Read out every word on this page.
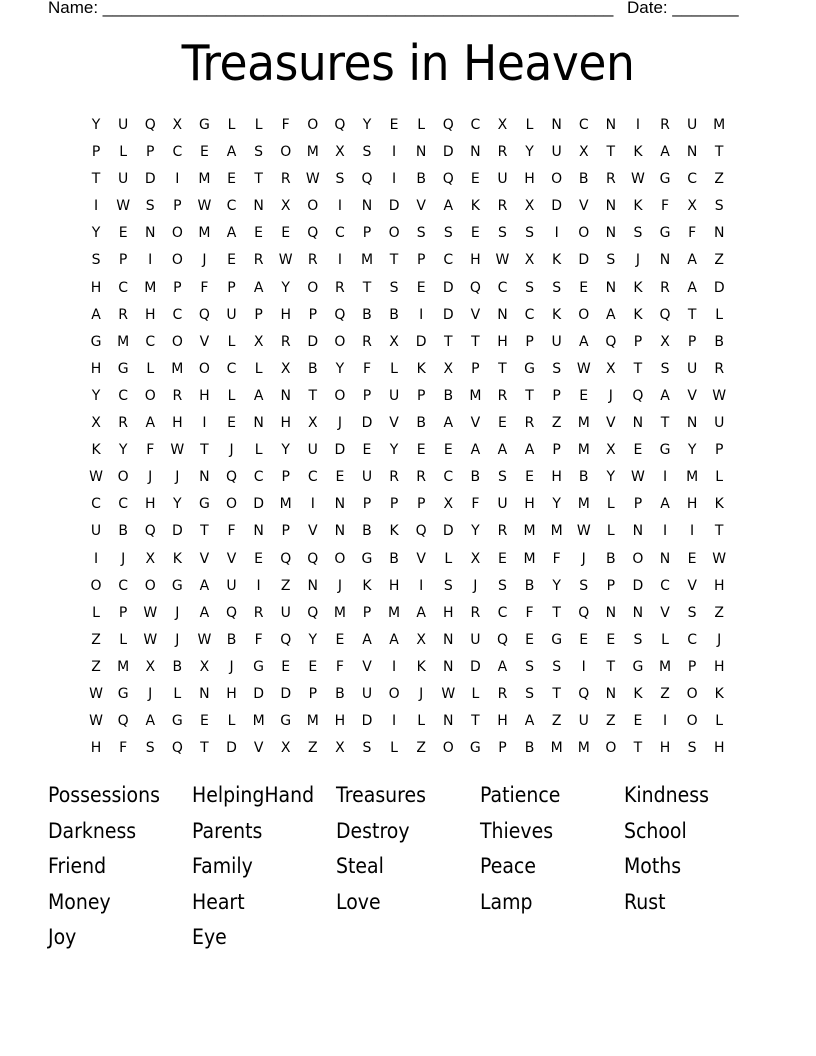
Name: ______________________________________________________ Date: _______
Treasures in Heaven
Y	U	Q	X	G	L	L	F	O	Q	Y	E	L	Q	C	X	L	N	C	N	I	R	U	M
P	L	P	C	E	A	S	O	M	X	S	I	N	D	N	R	Y	U	X	T	K	A	N	T
T	U	D	I	M	E	T	R	W	S	Q	I	B	Q	E	U	H	O	B	R	W	G	C	Z
I	W	S	P	W	C	N	X	O	I	N	D	V	A	K	R	X	D	V	N	K	F	X	S
Y	E	N	O	M	A	E	E	Q	C	P	O	S	S	E	S	S	I	O	N	S	G	F	N
S	P	I	O	J	E	R	W	R	I	M	T	P	C	H	W	X	K	D	S	J	N	A	Z
H	C	M	P	F	P	A	Y	O	R	T	S	E	D	Q	C	S	S	E	N	K	R	A	D
A	R	H	C	Q	U	P	H	P	Q	B	B	I	D	V	N	C	K	O	A	K	Q	T	L
G	M	C	O	V	L	X	R	D	O	R	X	D	T	T	H	P	U	A	Q	P	X	P	B
H	G	L	M	O	C	L	X	B	Y	F	L	K	X	P	T	G	S	W	X	T	S	U	R
Y	C	O	R	H	L	A	N	T	O	P	U	P	B	M	R	T	P	E	J	Q	A	V	W
X	R	A	H	I	E	N	H	X	J	D	V	B	A	V	E	R	Z	M	V	N	T	N	U
K	Y	F	W	T	J	L	Y	U	D	E	Y	E	E	A	A	A	P	M	X	E	G	Y	P
W	O	J	J	N	Q	C	P	C	E	U	R	R	C	B	S	E	H	B	Y	W	I	M	L
C	C	H	Y	G	O	D	M	I	N	P	P	P	X	F	U	H	Y	M	L	P	A	H	K
U	B	Q	D	T	F	N	P	V	N	B	K	Q	D	Y	R	M	M	W	L	N	I	I	T
I	J	X	K	V	V	E	Q	Q	O	G	B	V	L	X	E	M	F	J	B	O	N	E	W
O	C	O	G	A	U	I	Z	N	J	K	H	I	S	J	S	B	Y	S	P	D	C	V	H
L	P	W	J	A	Q	R	U	Q	M	P	M	A	H	R	C	F	T	Q	N	N	V	S	Z
Z	L	W	J	W	B	F	Q	Y	E	A	A	X	N	U	Q	E	G	E	E	S	L	C	J
Z	M	X	B	X	J	G	E	E	F	V	I	K	N	D	A	S	S	I	T	G	M	P	H
W	G	J	L	N	H	D	D	P	B	U	O	J	W	L	R	S	T	Q	N	K	Z	O	K
W	Q	A	G	E	L	M	G	M	H	D	I	L	N	T	H	A	Z	U	Z	E	I	O	L
H	F	S	Q	T	D	V	X	Z	X	S	L	Z	O	G	P	B	M	M	O	T	H	S	H
Possessions	HelpingHand	Treasures	Patience	Kindness
Darkness	Parents	Destroy	Thieves	School
Friend	Family	Steal	Peace	Moths
Money	Heart	Love	Lamp	Rust
Joy	Eye
